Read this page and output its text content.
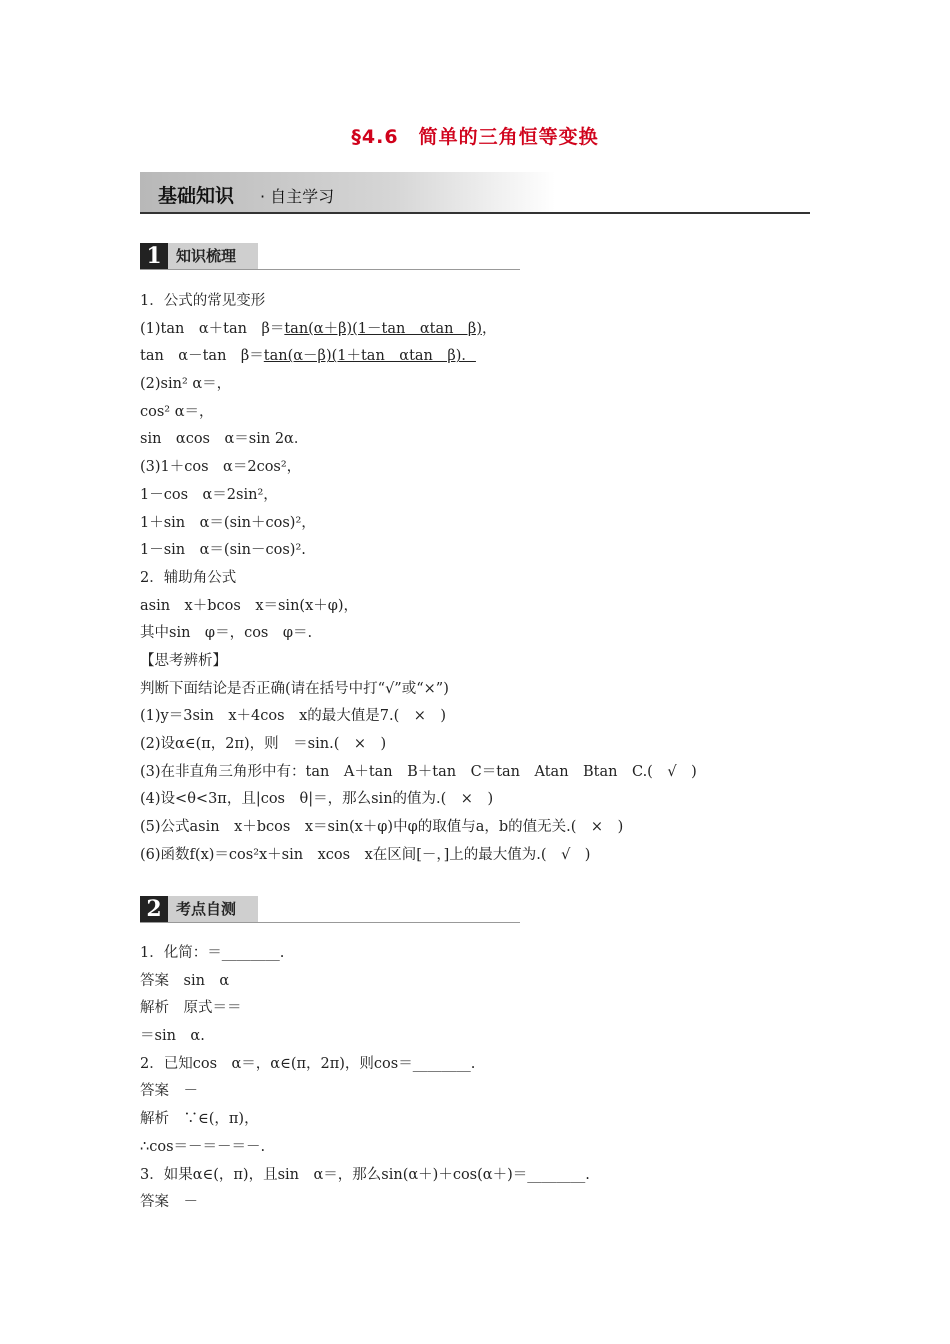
§4.6　简单的三角恒等变换
基础知识 · 自主学习
1 知识梳理
1．公式的常见变形
(1)tan　α＋tan　β＝tan(α＋β)(1－tan　αtan　β)，
tan　α－tan　β＝tan(α－β)(1＋tan　αtan　β)．
(2)sin² α＝，
cos² α＝，
sin　αcos　α＝sin 2α．
(3)1＋cos　α＝2cos²，
1－cos　α＝2sin²，
1＋sin　α＝(sin＋cos)²，
1－sin　α＝(sin－cos)².
2．辅助角公式
asin　x＋bcos　x＝sin(x＋φ)，
其中sin　φ＝，cos　φ＝.
【思考辨析】
判断下面结论是否正确(请在括号中打“√”或“×”)
(1)y＝3sin　x＋4cos　x的最大值是7.(　×　)
(2)设α∈(π，2π)，则　＝sin.(　×　)
(3)在非直角三角形中有：tan　A＋tan　B＋tan　C＝tan　Atan　Btan　C.(　√　)
(4)设<θ<3π，且|cos　θ|＝，那么sin的值为.(　×　)
(5)公式asin　x＋bcos　x＝sin(x＋φ)中φ的取值与a，b的值无关.(　×　)
(6)函数f(x)＝cos²x＋sin　xcos　x在区间[－，]上的最大值为.(　√　)
2 考点自测
1．化简：＝________.
答案　sin　α
解析　原式＝＝
＝sin　α.
2．已知cos　α＝，α∈(π，2π)，则cos＝________.
答案　－
解析　∵∈(，π)，
∴cos＝－＝－＝－.
3．如果α∈(，π)，且sin　α＝，那么sin(α＋)＋cos(α＋)＝________.
答案　－
